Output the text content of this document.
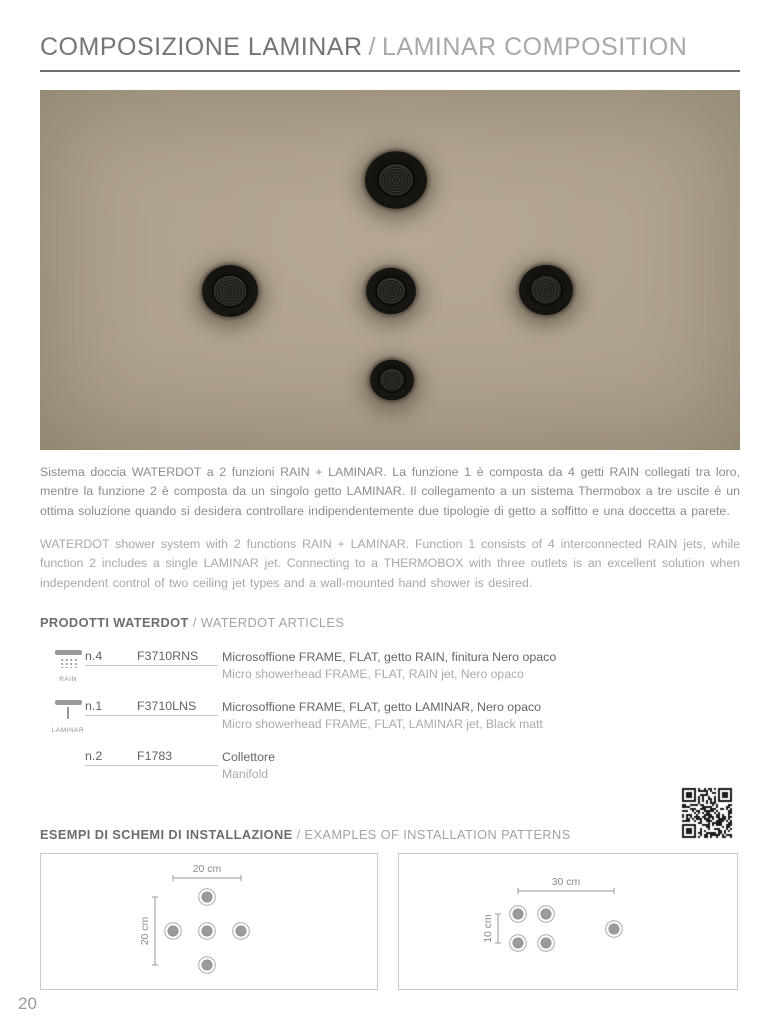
COMPOSIZIONE LAMINAR / LAMINAR COMPOSITION

Sistema doccia WATERDOT a 2 funzioni RAIN + LAMINAR. La funzione 1 è composta da 4 getti RAIN collegati tra loro, mentre la funzione 2 è composta da un singolo getto LAMINAR. Il collegamento a un sistema Thermobox a tre uscite è un ottima soluzione quando si desidera controllare indipendentemente due tipologie di getto a soffitto e una doccetta a parete.

WATERDOT shower system with 2 functions RAIN + LAMINAR. Function 1 consists of 4 interconnected RAIN jets, while function 2 includes a single LAMINAR jet. Connecting to a THERMOBOX with three outlets is an excellent solution when independent control of two ceiling jet types and a wall-mounted hand shower is desired.

PRODOTTI WATERDOT / WATERDOT ARTICLES
RAIN
n.4	F3710RNS	Microsoffione FRAME, FLAT, getto RAIN, finitura Nero opaco
Micro showerhead FRAME, FLAT, RAIN jet, Nero opaco
LAMINAR
n.1	F3710LNS	Microsoffione FRAME, FLAT, getto LAMINAR, Nero opaco
Micro showerhead FRAME, FLAT, LAMINAR jet, Black matt
n.2	F1783	Collettore
Manifold
ESEMPI DI SCHEMI DI INSTALLAZIONE / EXAMPLES OF INSTALLATION PATTERNS
20 cm
20 cm
30 cm
10 cm
20
